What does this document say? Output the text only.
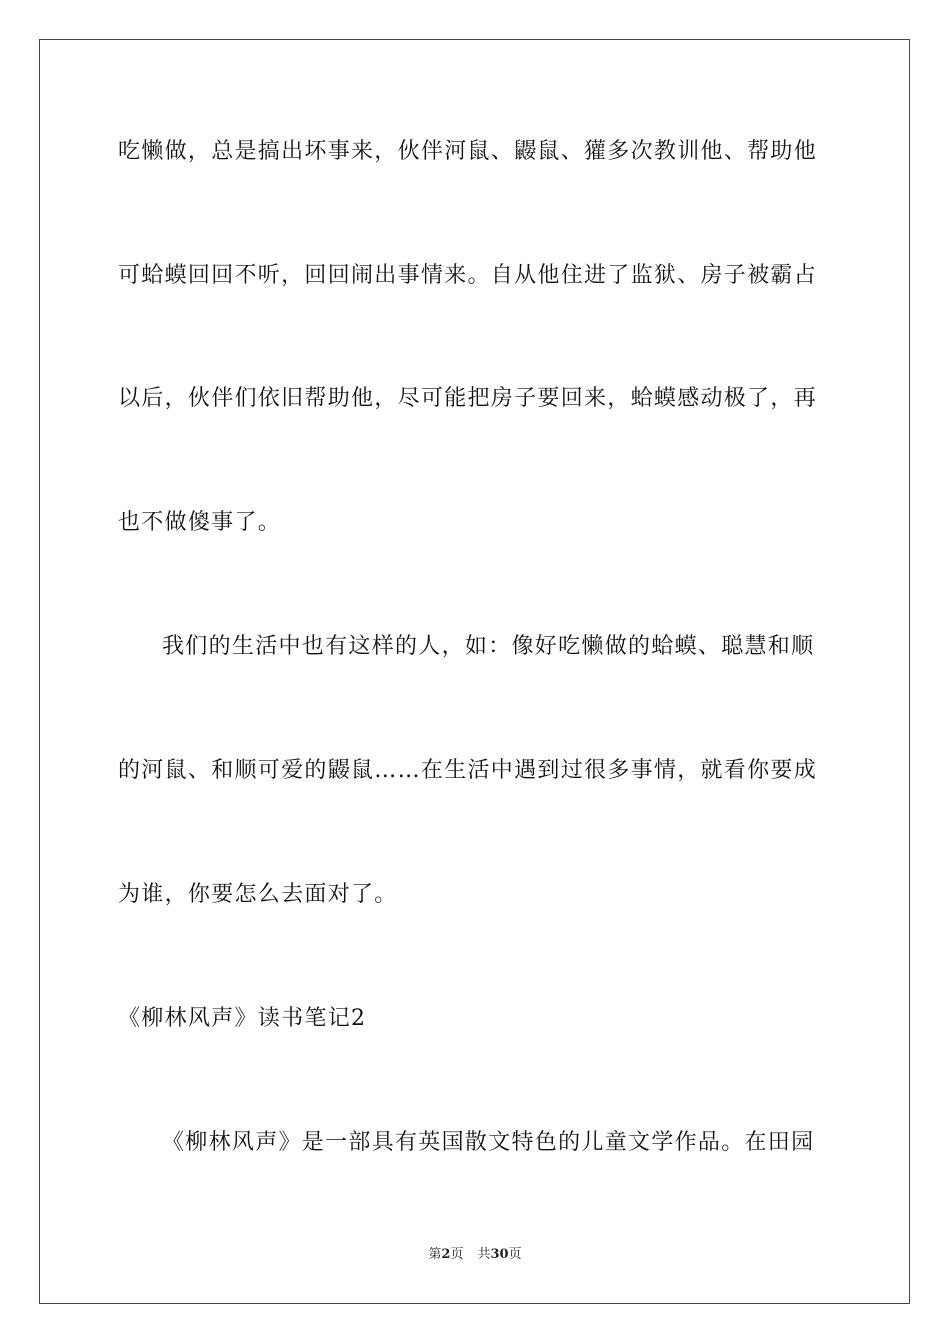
吃懒做，总是搞出坏事来，伙伴河鼠、鼹鼠、獾多次教训他、帮助他
可蛤蟆回回不听，回回闹出事情来。自从他住进了监狱、房子被霸占
以后，伙伴们依旧帮助他，尽可能把房子要回来，蛤蟆感动极了，再
也不做傻事了。
我们的生活中也有这样的人，如：像好吃懒做的蛤蟆、聪慧和顺
的河鼠、和顺可爱的鼹鼠……在生活中遇到过很多事情，就看你要成
为谁，你要怎么去面对了。
《柳林风声》读书笔记2
《柳林风声》是一部具有英国散文特色的儿童文学作品。在田园
第2页 共30页
